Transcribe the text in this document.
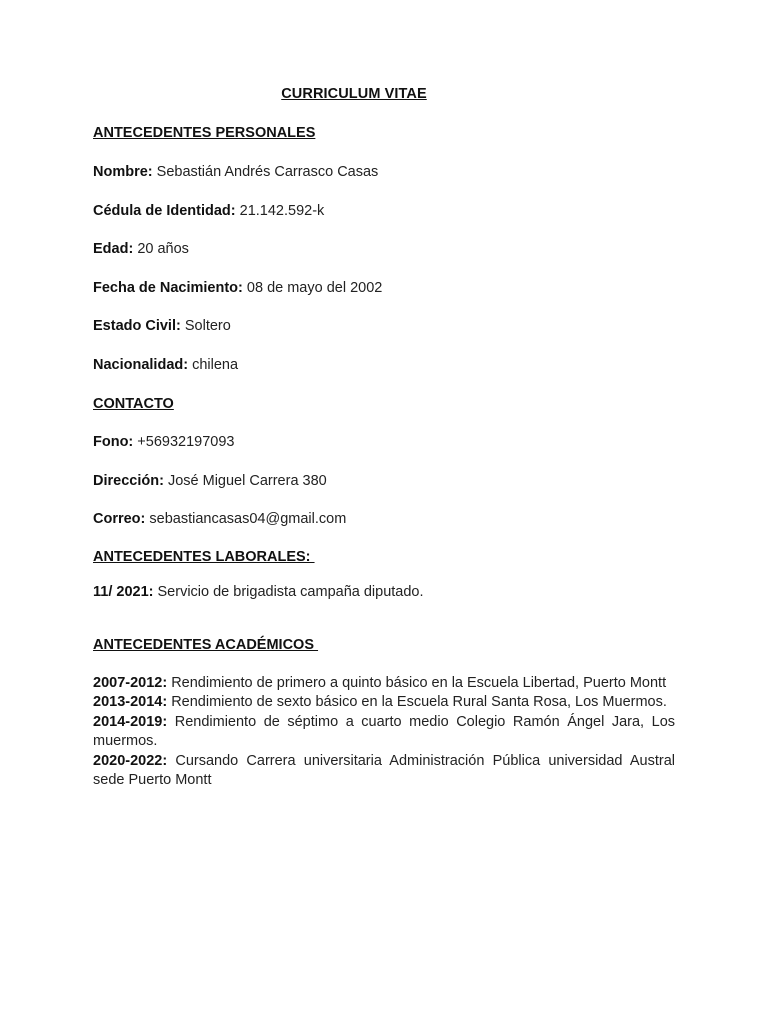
CURRICULUM VITAE
ANTECEDENTES PERSONALES
Nombre: Sebastián Andrés Carrasco Casas
Cédula de Identidad: 21.142.592-k
Edad: 20 años
Fecha de Nacimiento: 08 de mayo del 2002
Estado Civil: Soltero
Nacionalidad: chilena
CONTACTO
Fono: +56932197093
Dirección: José Miguel Carrera 380
Correo: sebastiancasas04@gmail.com
ANTECEDENTES LABORALES:
11/ 2021: Servicio de brigadista campaña diputado.
ANTECEDENTES ACADÉMICOS
2007-2012: Rendimiento de primero a quinto básico en la Escuela Libertad, Puerto Montt
2013-2014: Rendimiento de sexto básico en la Escuela Rural Santa Rosa, Los Muermos.
2014-2019: Rendimiento de séptimo a cuarto medio Colegio Ramón Ángel Jara, Los muermos.
2020-2022: Cursando Carrera universitaria Administración Pública universidad Austral sede Puerto Montt
